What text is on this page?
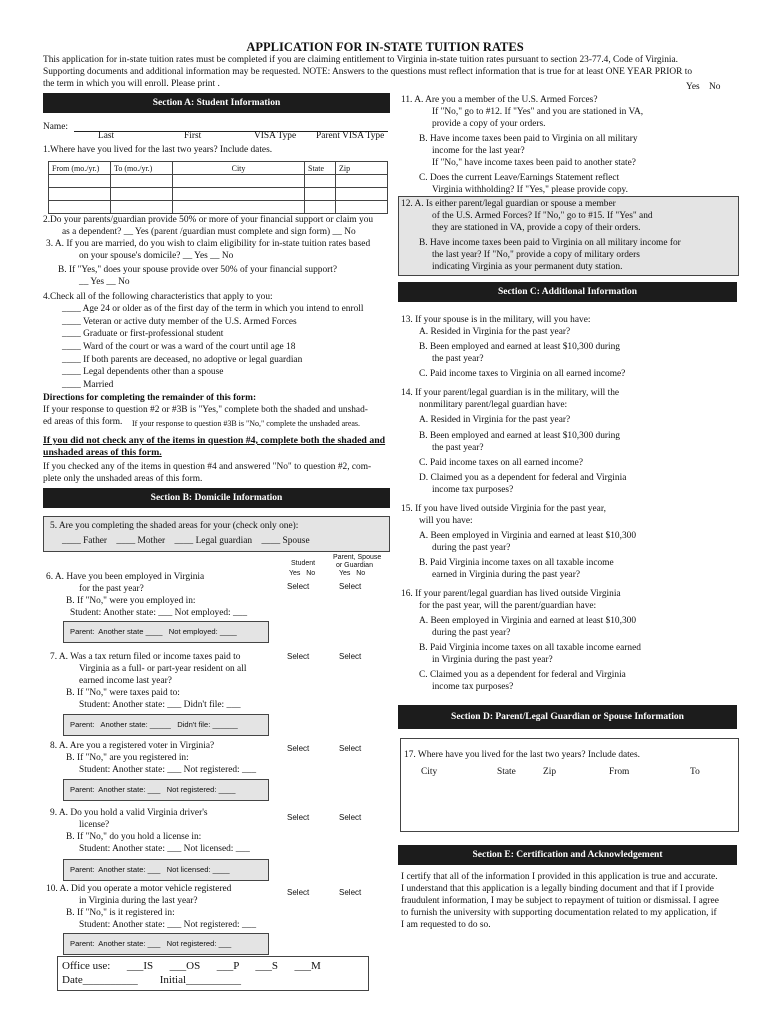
APPLICATION FOR IN-STATE TUITION RATES
This application for in-state tuition rates must be completed if you are claiming entitlement to Virginia in-state tuition rates pursuant to section 23-77.4, Code of Virginia.
Supporting documents and additional information may be requested. NOTE: Answers to the questions must reflect information that is true for at least ONE YEAR PRIOR to
the term in which you will enroll. Please print .	Yes    No
Section A: Student Information
Name:
Last	First	VISA Type Parent VISA Type
1.Where have you lived for the last two years? Include dates.
From (mo./yr.)	To (mo./yr.)	City	State	Zip

2.Do your parents/guardian provide 50% or more of your financial support or claim you
as a dependent? __ Yes (parent /guardian must complete and sign form) __ No
3. A. If you are married, do you wish to claim eligibility for in-state tuition rates based
on your spouse's domicile? __ Yes __ No
B. If "Yes," does your spouse provide over 50% of your financial support?
__ Yes __ No
4.Check all of the following characteristics that apply to you:
____ Age 24 or older as of the first day of the term in which you intend to enroll
____ Veteran or active duty member of the U.S. Armed Forces
____ Graduate or first-professional student
____ Ward of the court or was a ward of the court until age 18
____ If both parents are deceased, no adoptive or legal guardian
____ Legal dependents other than a spouse
____ Married
Directions for completing the remainder of this form:
If your response to question #2 or #3B is "Yes," complete both the shaded and unshad-
ed areas of this form. If your response to question #3B is "No," complete the unshaded areas.
If you did not check any of the items in question #4, complete both the shaded and
unshaded areas of this form.
If you checked any of the items in question #4 and answered "No" to question #2, com-
plete only the unshaded areas of this form.
Section B: Domicile Information
5. Are you completing the shaded areas for your (check only one):
____ Father    ____ Mother    ____ Legal guardian    ____ Spouse
Student
Yes   No
Parent, Spouse
or Guardian
Yes   No
6. A. Have you been employed in Virginia
for the past year?
B. If "No," were you employed in:
Student: Another state: ___ Not employed: ___
Select	Select
Parent:  Another state ____   Not employed: ____
7. A. Was a tax return filed or income taxes paid to
Virginia as a full- or part-year resident on all
earned income last year?
B. If "No," were taxes paid to:
Student: Another state: ___ Didn't file: ___
Select	Select
Parent:   Another state: _____   Didn't file: ______
8. A. Are you a registered voter in Virginia?
B. If "No," are you registered in:
Student: Another state: ___ Not registered: ___
Select	Select
Parent:  Another state: ___   Not registered: ____
9. A. Do you hold a valid Virginia driver's
license?
B. If "No," do you hold a license in:
Student: Another state: ___ Not licensed: ___
Select	Select
Parent:  Another state: ___   Not licensed: ____
10. A. Did you operate a motor vehicle registered
in Virginia during the last year?
B. If "No," is it registered in:
Student: Another state: ___ Not registered: ___
Select	Select
Parent:  Another state: ___   Not registered: ___
Office use:      ___IS      ___OS      ___P      ___S      ___M
Date__________        Initial__________
11. A. Are you a member of the U.S. Armed Forces?
If "No," go to #12. If "Yes" and you are stationed in VA,
provide a copy of your orders.
B. Have income taxes been paid to Virginia on all military
income for the last year?
If "No," have income taxes been paid to another state?
C. Does the current Leave/Earnings Statement reflect
Virginia withholding? If "Yes," please provide copy.
12. A. Is either parent/legal guardian or spouse a member
of the U.S. Armed Forces? If "No," go to #15. If "Yes" and
they are stationed in VA, provide a copy of their orders.
B. Have income taxes been paid to Virginia on all military income for
the last year? If "No," provide a copy of military orders
indicating Virginia as your permanent duty station.
Section C: Additional Information
13. If your spouse is in the military, will you have:
A. Resided in Virginia for the past year?
B. Been employed and earned at least $10,300 during
the past year?
C. Paid income taxes to Virginia on all earned income?
14. If your parent/legal guardian is in the military, will the
nonmilitary parent/legal guardian have:
A. Resided in Virginia for the past year?
B. Been employed and earned at least $10,300 during
the past year?
C. Paid income taxes on all earned income?
D. Claimed you as a dependent for federal and Virginia
income tax purposes?
15. If you have lived outside Virginia for the past year,
will you have:
A. Been employed in Virginia and earned at least $10,300
during the past year?
B. Paid Virginia income taxes on all taxable income
earned in Virginia during the past year?
16. If your parent/legal guardian has lived outside Virginia
for the past year, will the parent/guardian have:
A. Been employed in Virginia and earned at least $10,300
during the past year?
B. Paid Virginia income taxes on all taxable income earned
in Virginia during the past year?
C. Claimed you as a dependent for federal and Virginia
income tax purposes?
Section D: Parent/Legal Guardian or Spouse Information
17. Where have you lived for the last two years? Include dates.
City	State	Zip	From	To
Section E: Certification and Acknowledgement
I certify that all of the information I provided in this application is true and accurate.
I understand that this application is a legally binding document and that if I provide
fraudulent information, I may be subject to repayment of tuition or dismissal. I agree
to furnish the university with supporting documentation related to my application, if
I am requested to do so.
